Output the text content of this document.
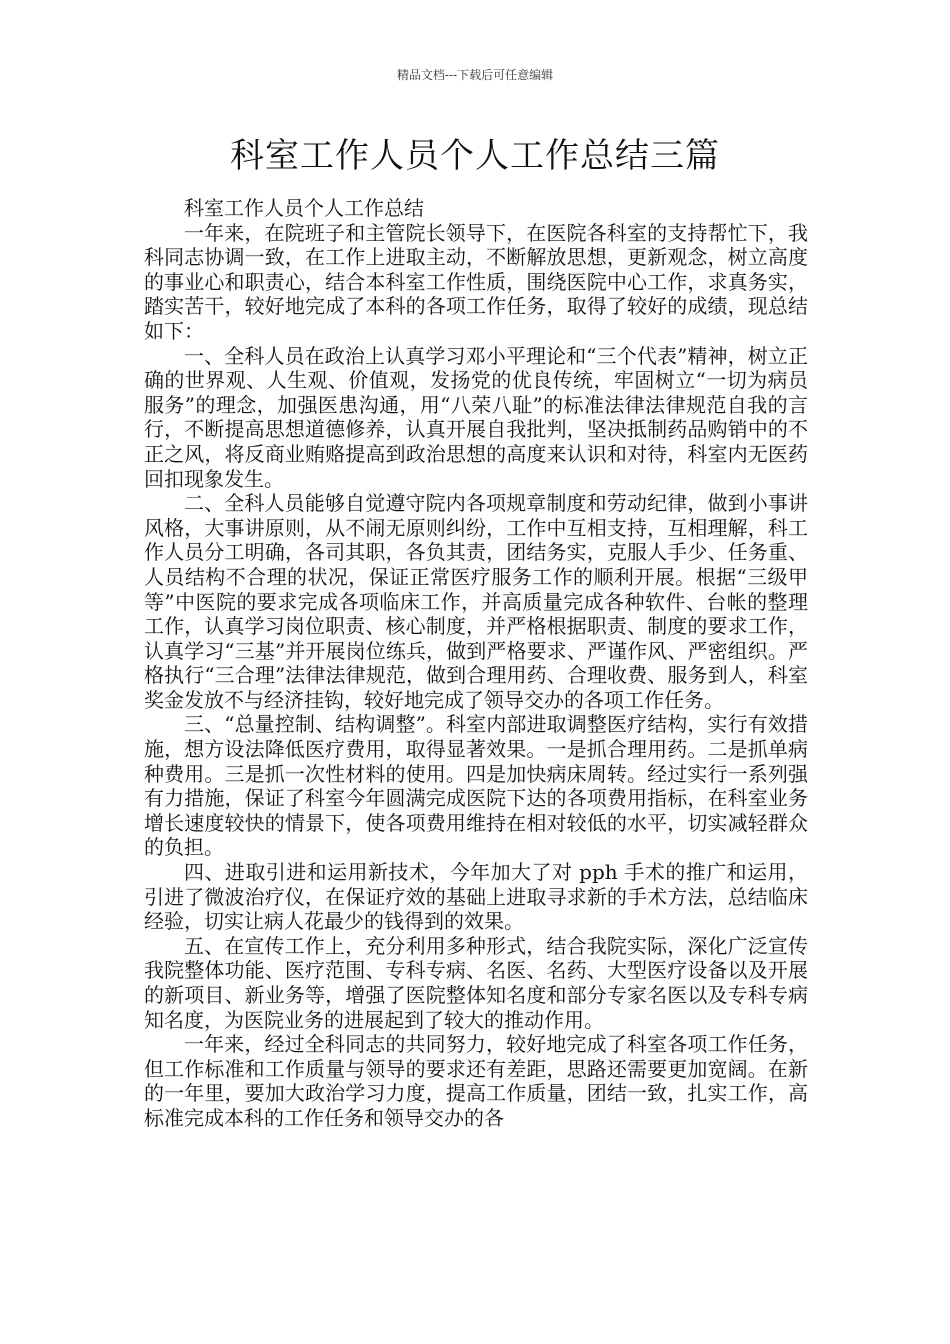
精品文档---下载后可任意编辑
科室工作人员个人工作总结三篇

科室工作人员个人工作总结

一年来，在院班子和主管院长领导下，在医院各科室的支持帮忙下，我科同志协调一致，在工作上进取主动，不断解放思想，更新观念，树立高度的事业心和职责心，结合本科室工作性质，围绕医院中心工作，求真务实，踏实苦干，较好地完成了本科的各项工作任务，取得了较好的成绩，现总结如下：

一、全科人员在政治上认真学习邓小平理论和“三个代表”精神，树立正确的世界观、人生观、价值观，发扬党的优良传统，牢固树立“一切为病员服务”的理念，加强医患沟通，用“八荣八耻”的标准法律法律规范自我的言行，不断提高思想道德修养，认真开展自我批判，坚决抵制药品购销中的不正之风，将反商业贿赂提高到政治思想的高度来认识和对待，科室内无医药回扣现象发生。

二、全科人员能够自觉遵守院内各项规章制度和劳动纪律，做到小事讲风格，大事讲原则，从不闹无原则纠纷，工作中互相支持，互相理解，科工作人员分工明确，各司其职，各负其责，团结务实，克服人手少、任务重、人员结构不合理的状况，保证正常医疗服务工作的顺利开展。根据“三级甲等”中医院的要求完成各项临床工作，并高质量完成各种软件、台帐的整理工作，认真学习岗位职责、核心制度，并严格根据职责、制度的要求工作，认真学习“三基”并开展岗位练兵，做到严格要求、严谨作风、严密组织。严格执行“三合理”法律法律规范，做到合理用药、合理收费、服务到人，科室奖金发放不与经济挂钩，较好地完成了领导交办的各项工作任务。

三、“总量控制、结构调整”。科室内部进取调整医疗结构，实行有效措施，想方设法降低医疗费用，取得显著效果。一是抓合理用药。二是抓单病种费用。三是抓一次性材料的使用。四是加快病床周转。经过实行一系列强有力措施，保证了科室今年圆满完成医院下达的各项费用指标，在科室业务增长速度较快的情景下，使各项费用维持在相对较低的水平，切实减轻群众的负担。

四、进取引进和运用新技术，今年加大了对 pph 手术的推广和运用，引进了微波治疗仪，在保证疗效的基础上进取寻求新的手术方法，总结临床经验，切实让病人花最少的钱得到的效果。

五、在宣传工作上，充分利用多种形式，结合我院实际，深化广泛宣传我院整体功能、医疗范围、专科专病、名医、名药、大型医疗设备以及开展的新项目、新业务等，增强了医院整体知名度和部分专家名医以及专科专病知名度，为医院业务的进展起到了较大的推动作用。

一年来，经过全科同志的共同努力，较好地完成了科室各项工作任务，但工作标准和工作质量与领导的要求还有差距，思路还需要更加宽阔。在新的一年里，要加大政治学习力度，提高工作质量，团结一致，扎实工作，高标准完成本科的工作任务和领导交办的各
